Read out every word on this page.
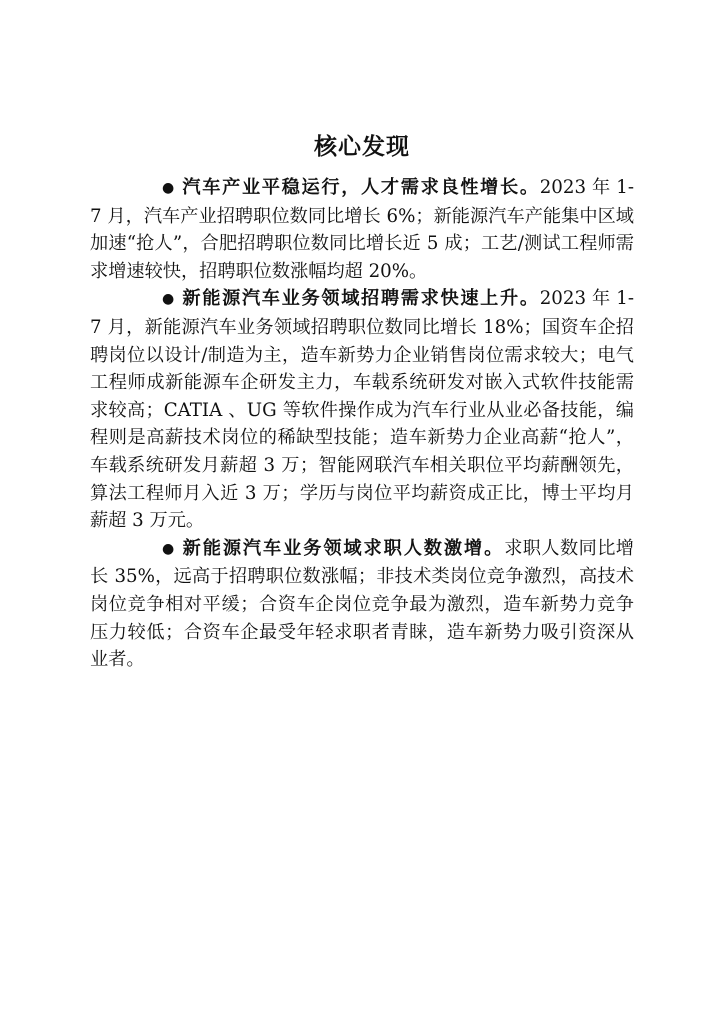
核心发现

● 汽车产业平稳运行，人才需求良性增长。2023 年 1-7 月，汽车产业招聘职位数同比增长 6%；新能源汽车产能集中区域加速“抢人”，合肥招聘职位数同比增长近 5 成；工艺/测试工程师需求增速较快，招聘职位数涨幅均超 20%。

● 新能源汽车业务领域招聘需求快速上升。2023 年 1-7 月，新能源汽车业务领域招聘职位数同比增长 18%；国资车企招聘岗位以设计/制造为主，造车新势力企业销售岗位需求较大；电气工程师成新能源车企研发主力，车载系统研发对嵌入式软件技能需求较高；CATIA 、UG 等软件操作成为汽车行业从业必备技能，编程则是高薪技术岗位的稀缺型技能；造车新势力企业高薪“抢人”，车载系统研发月薪超 3 万；智能网联汽车相关职位平均薪酬领先，算法工程师月入近 3 万；学历与岗位平均薪资成正比，博士平均月薪超 3 万元。

● 新能源汽车业务领域求职人数激增。求职人数同比增长 35%，远高于招聘职位数涨幅；非技术类岗位竞争激烈，高技术岗位竞争相对平缓；合资车企岗位竞争最为激烈，造车新势力竞争压力较低；合资车企最受年轻求职者青睐，造车新势力吸引资深从业者。
